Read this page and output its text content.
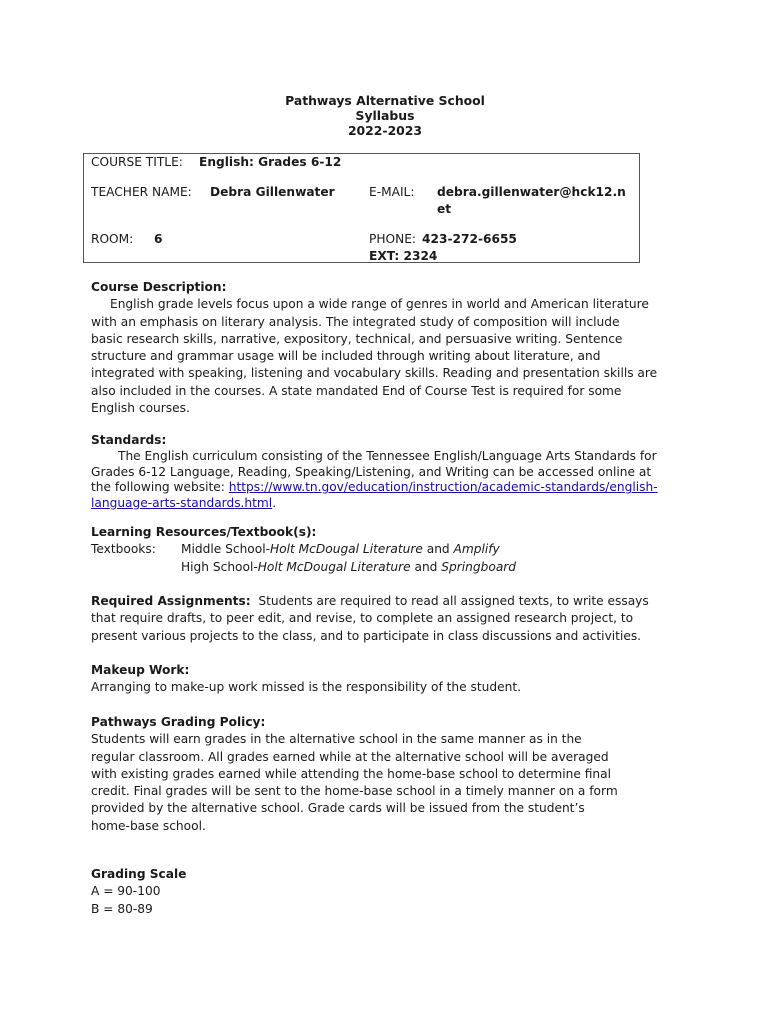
Pathways Alternative School
Syllabus
2022-2023
COURSE TITLE: English: Grades 6-12
TEACHER NAME: Debra Gillenwater	E-MAIL: debra.gillenwater@hck12.n
et
ROOM: 6	PHONE: 423-272-6655
EXT: 2324

Course Description:

English grade levels focus upon a wide range of genres in world and American literature

with an emphasis on literary analysis. The integrated study of composition will include

basic research skills, narrative, expository, technical, and persuasive writing. Sentence

structure and grammar usage will be included through writing about literature, and

integrated with speaking, listening and vocabulary skills. Reading and presentation skills are

also included in the courses. A state mandated End of Course Test is required for some

English courses.

Standards:

The English curriculum consisting of the Tennessee English/Language Arts Standards for

Grades 6-12 Language, Reading, Speaking/Listening, and Writing can be accessed online at

the following website: https://www.tn.gov/education/instruction/academic-standards/english-

language-arts-standards.html.

Learning Resources/Textbook(s):

Textbooks: Middle School-Holt McDougal Literature and Amplify
High School-Holt McDougal Literature and Springboard

Required Assignments:  Students are required to read all assigned texts, to write essays

that require drafts, to peer edit, and revise, to complete an assigned research project, to

present various projects to the class, and to participate in class discussions and activities.

Makeup Work:

Arranging to make-up work missed is the responsibility of the student.

Pathways Grading Policy:

Students will earn grades in the alternative school in the same manner as in the

regular classroom. All grades earned while at the alternative school will be averaged

with existing grades earned while attending the home-base school to determine final

credit. Final grades will be sent to the home-base school in a timely manner on a form

provided by the alternative school. Grade cards will be issued from the student’s

home-base school.

Grading Scale

A = 90-100

B = 80-89
